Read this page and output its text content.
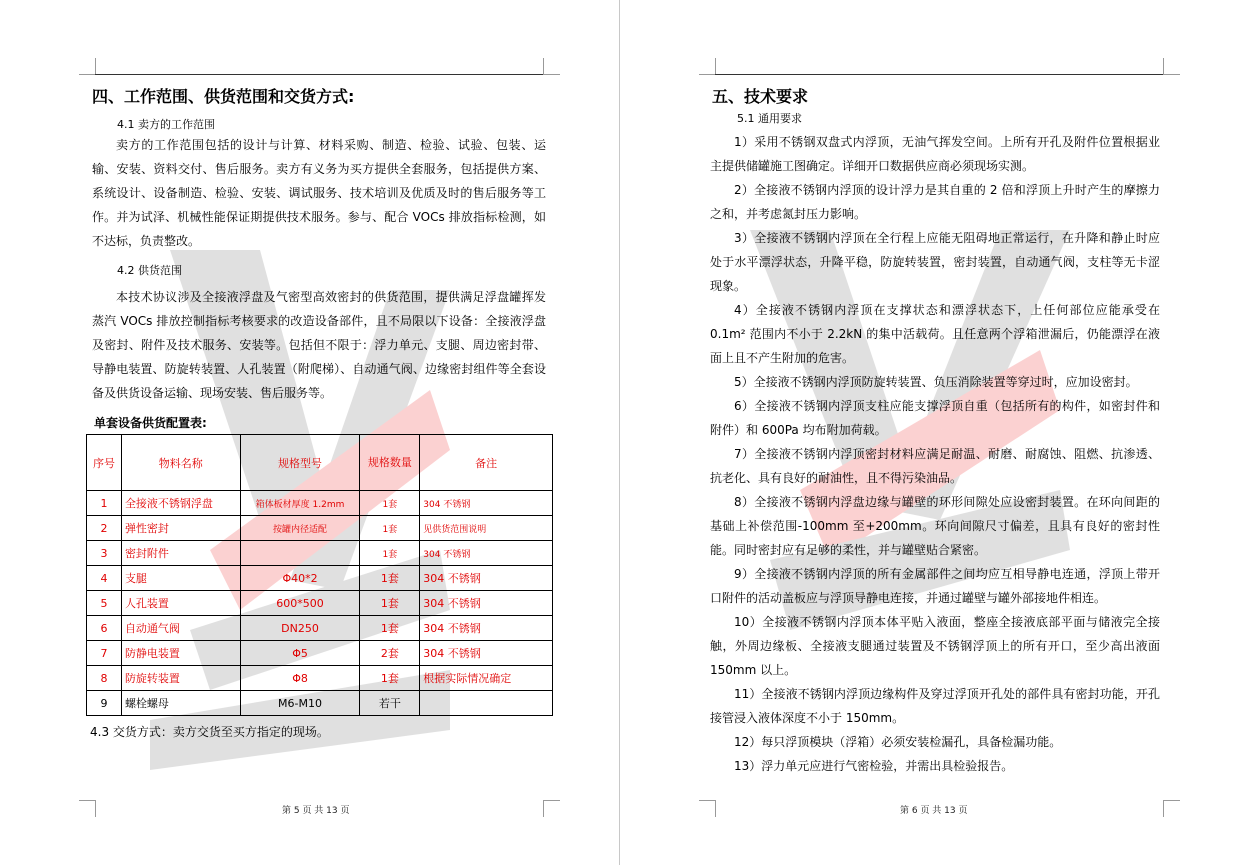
四、工作范围、供货范围和交货方式:
4.1 卖方的工作范围

卖方的工作范围包括的设计与计算、材料采购、制造、检验、试验、包装、运输、安装、资料交付、售后服务。卖方有义务为买方提供全套服务，包括提供方案、系统设计、设备制造、检验、安装、调试服务、技术培训及优质及时的售后服务等工作。并为试泽、机械性能保证期提供技术服务。参与、配合 VOCs 排放指标检测，如不达标，负责整改。

4.2 供货范围

本技术协议涉及全接液浮盘及气密型高效密封的供货范围，提供满足浮盘罐挥发蒸汽 VOCs 排放控制指标考核要求的改造设备部件，且不局限以下设备：全接液浮盘及密封、附件及技术服务、安装等。包括但不限于：浮力单元、支腿、周边密封带、导静电装置、防旋转装置、人孔装置（附爬梯）、自动通气阀、边缘密封组件等全套设备及供货设备运输、现场安装、售后服务等。

单套设备供货配置表:
序号	物料名称	规格型号	规格数量	备注
1	全接液不锈钢浮盘	箱体板材厚度 1.2mm	1套	304 不锈钢
2	弹性密封	按罐内径适配	1套	见供货范围说明
3	密封附件		1套	304 不锈钢
4	支腿	Φ40*2	1套	304 不锈钢
5	人孔装置	600*500	1套	304 不锈钢
6	自动通气阀	DN250	1套	304 不锈钢
7	防静电装置	Φ5	2套	304 不锈钢
8	防旋转装置	Φ8	1套	根据实际情况确定
9	螺栓螺母	M6-M10	若干	
4.3 交货方式：卖方交货至买方指定的现场。
第 5 页 共 13 页
五、技术要求
5.1 通用要求
1）采用不锈钢双盘式内浮顶，无油气挥发空间。上所有开孔及附件位置根据业主提供储罐施工图确定。详细开口数据供应商必须现场实测。
2）全接液不锈钢内浮顶的设计浮力是其自重的 2 倍和浮顶上升时产生的摩擦力之和，并考虑氮封压力影响。
3）全接液不锈钢内浮顶在全行程上应能无阻碍地正常运行，在升降和静止时应处于水平漂浮状态，升降平稳，防旋转装置，密封装置，自动通气阀，支柱等无卡涩现象。
4）全接液不锈钢内浮顶在支撑状态和漂浮状态下，上任何部位应能承受在 0.1m² 范围内不小于 2.2kN 的集中活载荷。且任意两个浮箱泄漏后，仍能漂浮在液面上且不产生附加的危害。
5）全接液不锈钢内浮顶防旋转装置、负压消除装置等穿过时，应加设密封。
6）全接液不锈钢内浮顶支柱应能支撑浮顶自重（包括所有的构件，如密封件和附件）和 600Pa 均布附加荷载。
7）全接液不锈钢内浮顶密封材料应满足耐温、耐磨、耐腐蚀、阻燃、抗渗透、抗老化、具有良好的耐油性，且不得污染油品。
8）全接液不锈钢内浮盘边缘与罐壁的环形间隙处应设密封装置。在环向间距的基础上补偿范围-100mm 至+200mm。环向间隙尺寸偏差，且具有良好的密封性能。同时密封应有足够的柔性，并与罐壁贴合紧密。
9）全接液不锈钢内浮顶的所有金属部件之间均应互相导静电连通，浮顶上带开口附件的活动盖板应与浮顶导静电连接，并通过罐壁与罐外部接地件相连。
10）全接液不锈钢内浮顶本体平贴入液面，整座全接液底部平面与储液完全接触，外周边缘板、全接液支腿通过装置及不锈钢浮顶上的所有开口，至少高出液面 150mm 以上。
11）全接液不锈钢内浮顶边缘构件及穿过浮顶开孔处的部件具有密封功能，开孔接管浸入液体深度不小于 150mm。
12）每只浮顶模块（浮箱）必须安装检漏孔，具备检漏功能。
13）浮力单元应进行气密检验，并需出具检验报告。
第 6 页 共 13 页
